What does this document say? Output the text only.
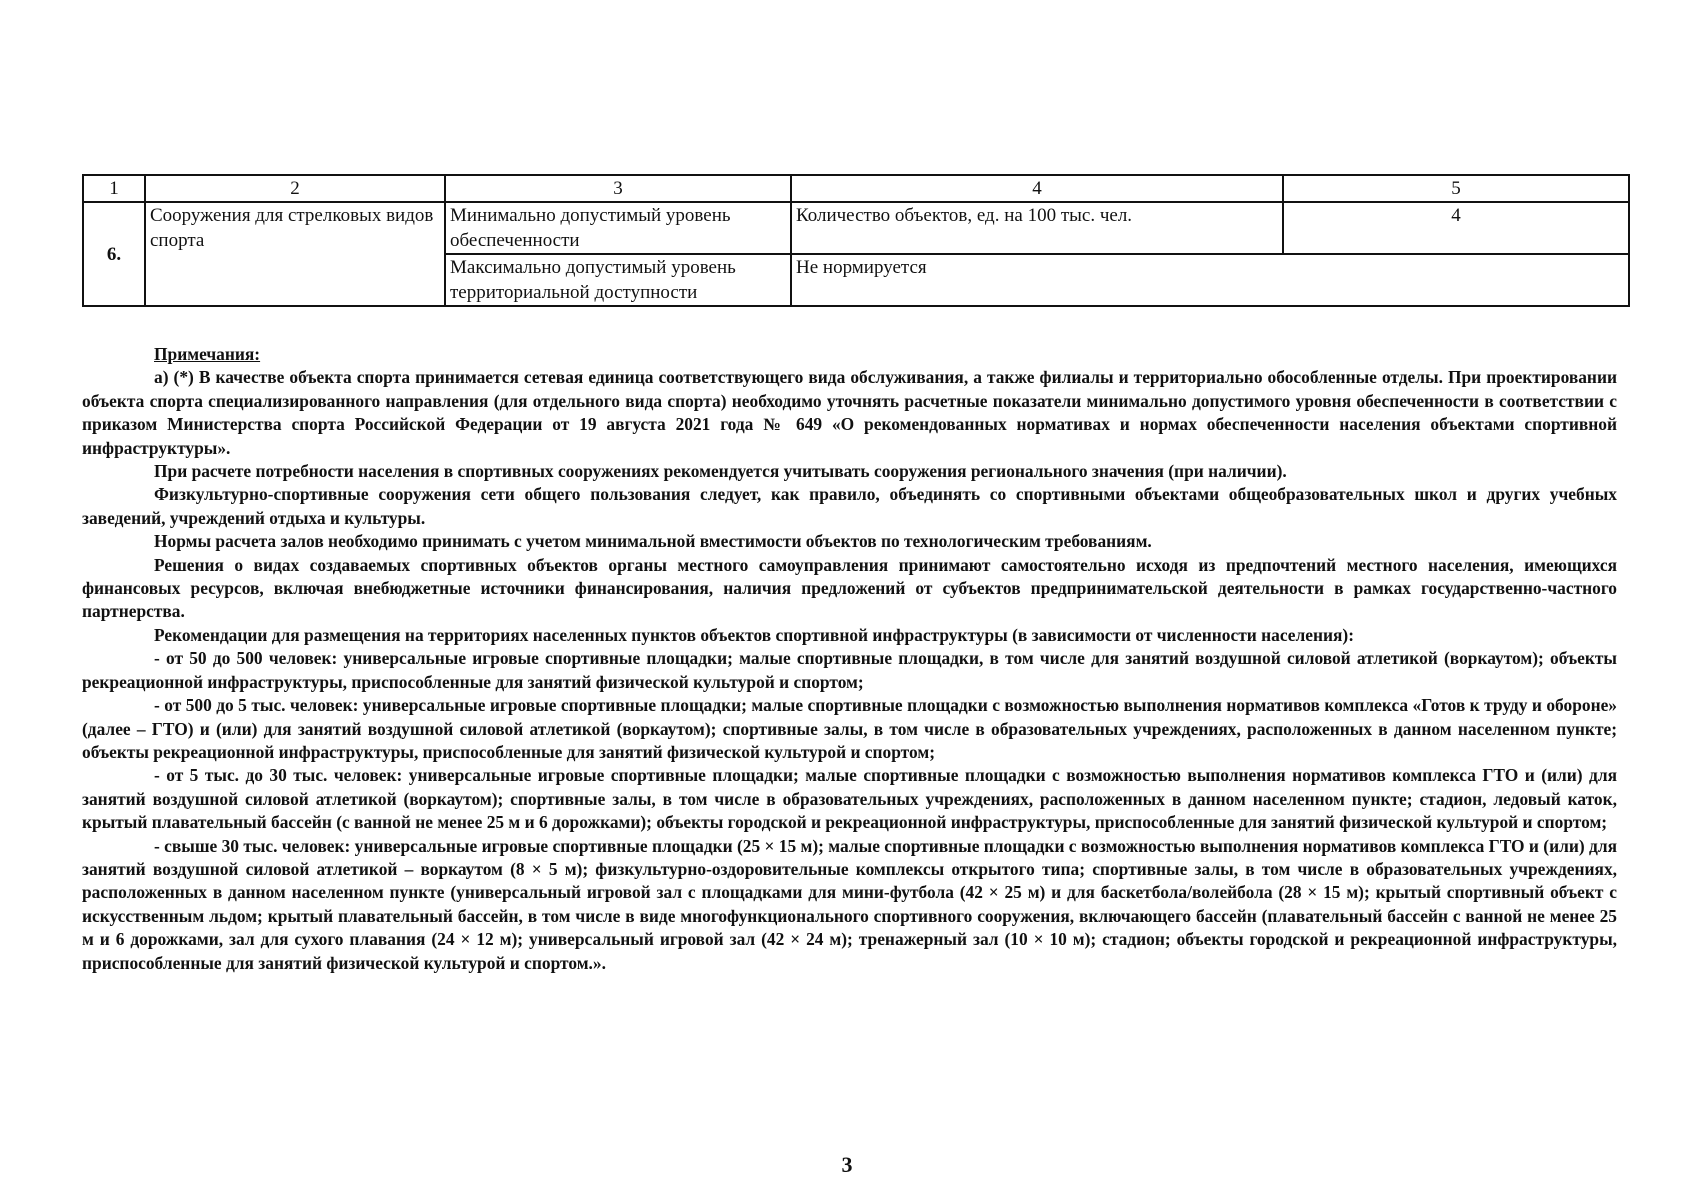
1	2	3	4	5
6.	Сооружения для стрелковых видов спорта	Минимально допустимый уровень обеспеченности	Количество объектов, ед. на 100 тыс. чел.	4
		Максимально допустимый уровень территориальной доступности	Не нормируется	

Примечания:

а) (*) В качестве объекта спорта принимается сетевая единица соответствующего вида обслуживания, а также филиалы и территориально обособленные отделы. При проектировании объекта спорта специализированного направления (для отдельного вида спорта) необходимо уточнять расчетные показатели минимально допустимого уровня обеспеченности в соответствии с приказом Министерства спорта Российской Федерации от 19 августа 2021 года № 649 «О рекомендованных нормативах и нормах обеспеченности населения объектами спортивной инфраструктуры».

При расчете потребности населения в спортивных сооружениях рекомендуется учитывать сооружения регионального значения (при наличии).

Физкультурно-спортивные сооружения сети общего пользования следует, как правило, объединять со спортивными объектами общеобразовательных школ и других учебных заведений, учреждений отдыха и культуры.

Нормы расчета залов необходимо принимать с учетом минимальной вместимости объектов по технологическим требованиям.

Решения о видах создаваемых спортивных объектов органы местного самоуправления принимают самостоятельно исходя из предпочтений местного населения, имеющихся финансовых ресурсов, включая внебюджетные источники финансирования, наличия предложений от субъектов предпринимательской деятельности в рамках государственно-частного партнерства.

Рекомендации для размещения на территориях населенных пунктов объектов спортивной инфраструктуры (в зависимости от численности населения):

- от 50 до 500 человек: универсальные игровые спортивные площадки; малые спортивные площадки, в том числе для занятий воздушной силовой атлетикой (воркаутом); объекты рекреационной инфраструктуры, приспособленные для занятий физической культурой и спортом;

- от 500 до 5 тыс. человек: универсальные игровые спортивные площадки; малые спортивные площадки с возможностью выполнения нормативов комплекса «Готов к труду и обороне» (далее – ГТО) и (или) для занятий воздушной силовой атлетикой (воркаутом); спортивные залы, в том числе в образовательных учреждениях, расположенных в данном населенном пункте; объекты рекреационной инфраструктуры, приспособленные для занятий физической культурой и спортом;

- от 5 тыс. до 30 тыс. человек: универсальные игровые спортивные площадки; малые спортивные площадки с возможностью выполнения нормативов комплекса ГТО и (или) для занятий воздушной силовой атлетикой (воркаутом); спортивные залы, в том числе в образовательных учреждениях, расположенных в данном населенном пункте; стадион, ледовый каток, крытый плавательный бассейн (с ванной не менее 25 м и 6 дорожками); объекты городской и рекреационной инфраструктуры, приспособленные для занятий физической культурой и спортом;

- свыше 30 тыс. человек: универсальные игровые спортивные площадки (25 × 15 м); малые спортивные площадки с возможностью выполнения нормативов комплекса ГТО и (или) для занятий воздушной силовой атлетикой – воркаутом (8 × 5 м); физкультурно-оздоровительные комплексы открытого типа; спортивные залы, в том числе в образовательных учреждениях, расположенных в данном населенном пункте (универсальный игровой зал с площадками для мини-футбола (42 × 25 м) и для баскетбола/волейбола (28 × 15 м); крытый спортивный объект с искусственным льдом; крытый плавательный бассейн, в том числе в виде многофункционального спортивного сооружения, включающего бассейн (плавательный бассейн с ванной не менее 25 м и 6 дорожками, зал для сухого плавания (24 × 12 м); универсальный игровой зал (42 × 24 м); тренажерный зал (10 × 10 м); стадион; объекты городской и рекреационной инфраструктуры, приспособленные для занятий физической культурой и спортом.».

3
